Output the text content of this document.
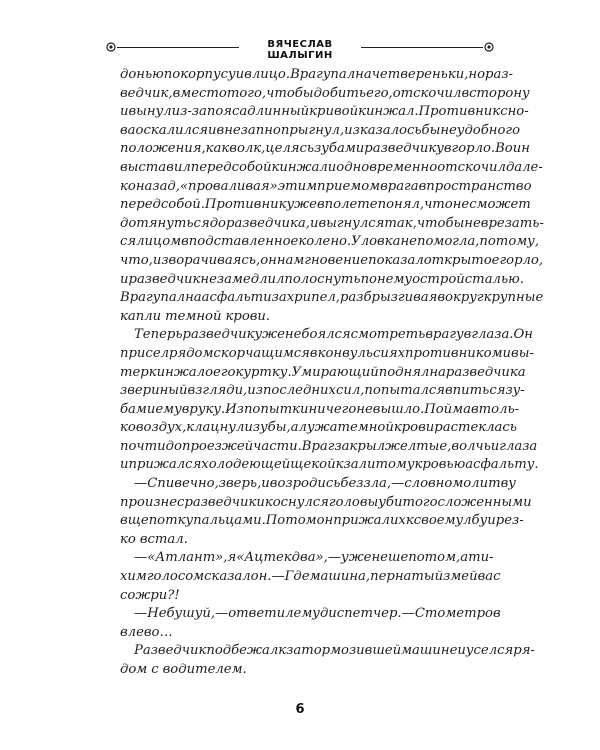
ВЯЧЕСЛАВ ШАЛЫГИН
донью по корпусу и в лицо. Враг упал на четвереньки, но раз-
ведчик, вместо того, чтобы добить его, отскочил в сторону
и вынул из-за пояса длинный кривой кинжал. Противник сно-
ва оскалился и внезапно прыгнул, из казалось бы неудобного
положения, как волк, целясь зубами разведчику в горло. Воин
выставил перед собой кинжал и одновременно отскочил дале-
ко назад, «проваливая» этим приемом врага в пространство
перед собой. Противник уже в полете понял, что не сможет
дотянуться до разведчика, и выгнулся так, чтобы не врезать-
ся лицом в подставленное колено. Уловка не помогла, потому,
что, изворачиваясь, он на мгновение показал открытое горло,
и разведчик не замедлил полоснуть по нему острой сталью.
Враг упал на асфальт и захрипел, разбрызгивая вокруг крупные
капли темной крови.
Теперь разведчик уже не боялся смотреть врагу в глаза. Он
присел рядом с корчащимся в конвульсиях противником и вы-
тер кинжал о его куртку. Умирающий поднял на разведчика
звериный взгляд и, из последних сил, попытался впиться зу-
бами ему в руку. Из попытки ничего не вышло. Поймав толь-
ко воздух, клацнули зубы, а лужа темной крови растеклась
почти до проезжей части. Враг закрыл желтые, волчьи глаза
и прижался холодеющей щекой к залитому кровью асфальту.
— Спи вечно, зверь, и возродись без зла, — словно молитву
произнес разведчик и коснулся головы убитого сложенными
в щепотку пальцами. Потом он прижал их к своему лбу и рез-
ко встал.
— «Атлант», я «Ацтек два», — уже не шепотом, а ти-
хим голосом сказал он. — Где машина, пернатый змей вас
сожри?!
— Не бушуй, — ответил ему диспетчер. — Сто метров
влево…
Разведчик подбежал к затормозившей машине и уселся ря-
дом с водителем.
6
